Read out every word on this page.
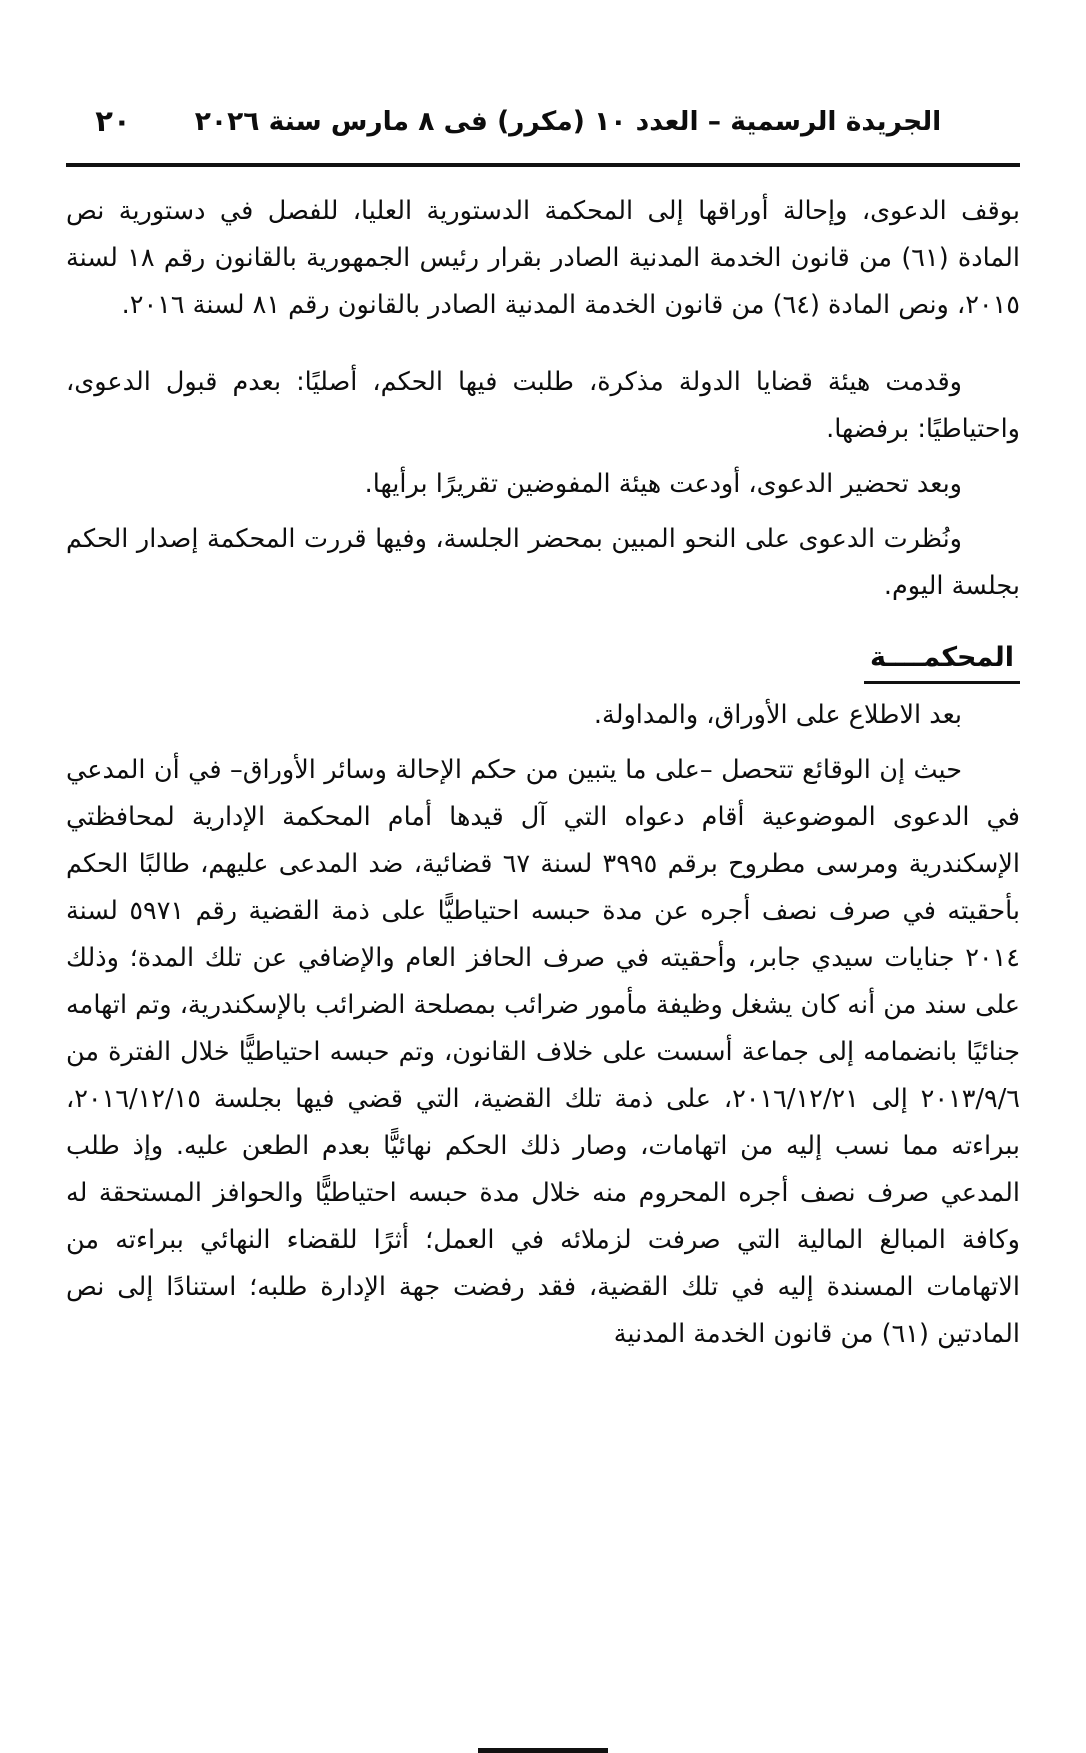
٢٠	الجريدة الرسمية – العدد ١٠ (مكرر) فى ٨ مارس سنة ٢٠٢٦

بوقف الدعوى، وإحالة أوراقها إلى المحكمة الدستورية العليا، للفصل في دستورية نص المادة (٦١) من قانون الخدمة المدنية الصادر بقرار رئيس الجمهورية بالقانون رقم ١٨ لسنة ٢٠١٥، ونص المادة (٦٤) من قانون الخدمة المدنية الصادر بالقانون رقم ٨١ لسنة ٢٠١٦.

وقدمت هيئة قضايا الدولة مذكرة، طلبت فيها الحكم، أصليًا: بعدم قبول الدعوى، واحتياطيًا: برفضها.

وبعد تحضير الدعوى، أودعت هيئة المفوضين تقريرًا برأيها.

ونُظرت الدعوى على النحو المبين بمحضر الجلسة، وفيها قررت المحكمة إصدار الحكم بجلسة اليوم.

المحكمــــة

بعد الاطلاع على الأوراق، والمداولة.

حيث إن الوقائع تتحصل –على ما يتبين من حكم الإحالة وسائر الأوراق– في أن المدعي في الدعوى الموضوعية أقام دعواه التي آل قيدها أمام المحكمة الإدارية لمحافظتي الإسكندرية ومرسى مطروح برقم ٣٩٩٥ لسنة ٦٧ قضائية، ضد المدعى عليهم، طالبًا الحكم بأحقيته في صرف نصف أجره عن مدة حبسه احتياطيًّا على ذمة القضية رقم ٥٩٧١ لسنة ٢٠١٤ جنايات سيدي جابر، وأحقيته في صرف الحافز العام والإضافي عن تلك المدة؛ وذلك على سند من أنه كان يشغل وظيفة مأمور ضرائب بمصلحة الضرائب بالإسكندرية، وتم اتهامه جنائيًا بانضمامه إلى جماعة أسست على خلاف القانون، وتم حبسه احتياطيًّا خلال الفترة من ٢٠١٣/٩/٦ إلى ٢٠١٦/١٢/٢١، على ذمة تلك القضية، التي قضي فيها بجلسة ٢٠١٦/١٢/١٥، ببراءته مما نسب إليه من اتهامات، وصار ذلك الحكم نهائيًّا بعدم الطعن عليه. وإذ طلب المدعي صرف نصف أجره المحروم منه خلال مدة حبسه احتياطيًّا والحوافز المستحقة له وكافة المبالغ المالية التي صرفت لزملائه في العمل؛ أثرًا للقضاء النهائي ببراءته من الاتهامات المسندة إليه في تلك القضية، فقد رفضت جهة الإدارة طلبه؛ استنادًا إلى نص المادتين (٦١) من قانون الخدمة المدنية
